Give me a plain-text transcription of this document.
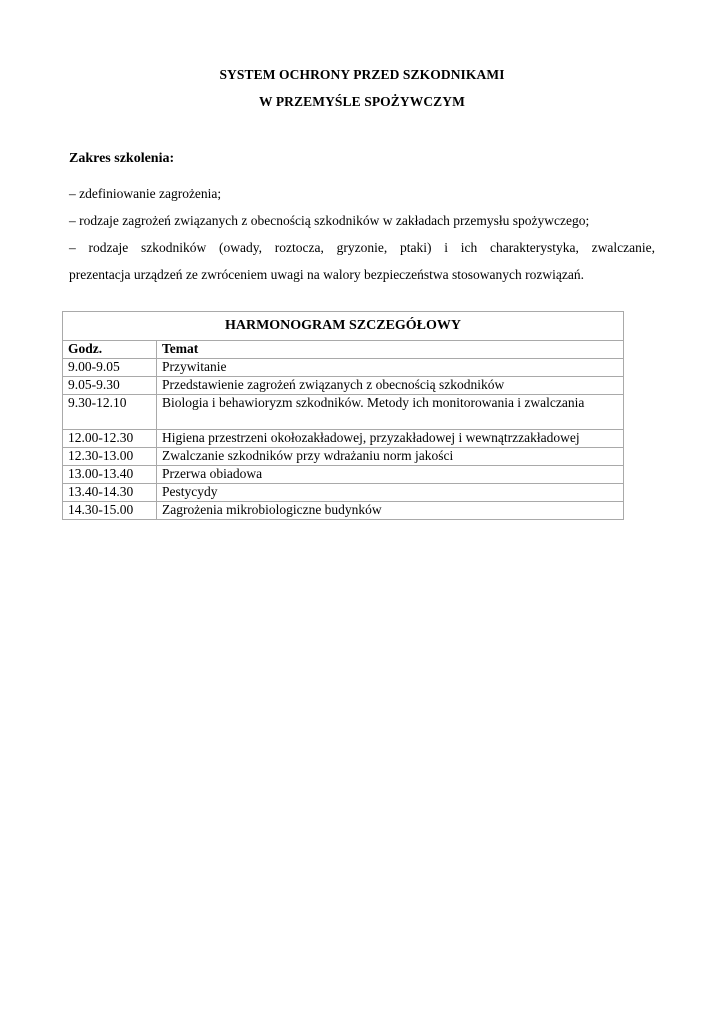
SYSTEM OCHRONY PRZED SZKODNIKAMI
W PRZEMYŚLE SPOŻYWCZYM
Zakres szkolenia:
– zdefiniowanie zagrożenia;
– rodzaje zagrożeń związanych z obecnością szkodników w zakładach przemysłu spożywczego;
– rodzaje szkodników (owady, roztocza, gryzonie, ptaki) i ich charakterystyka, zwalczanie,
prezentacja urządzeń ze zwróceniem uwagi na walory bezpieczeństwa stosowanych rozwiązań.
HARMONOGRAM SZCZEGÓŁOWY	
Godz.	Temat
9.00-9.05	Przywitanie
9.05-9.30	Przedstawienie zagrożeń związanych z obecnością szkodników
9.30-12.10	Biologia i behawioryzm szkodników. Metody ich monitorowania i zwalczania
12.00-12.30	Higiena przestrzeni okołozakładowej, przyzakładowej i wewnątrzzakładowej
12.30-13.00	Zwalczanie szkodników przy wdrażaniu norm jakości
13.00-13.40	Przerwa obiadowa
13.40-14.30	Pestycydy
14.30-15.00	Zagrożenia mikrobiologiczne budynków
